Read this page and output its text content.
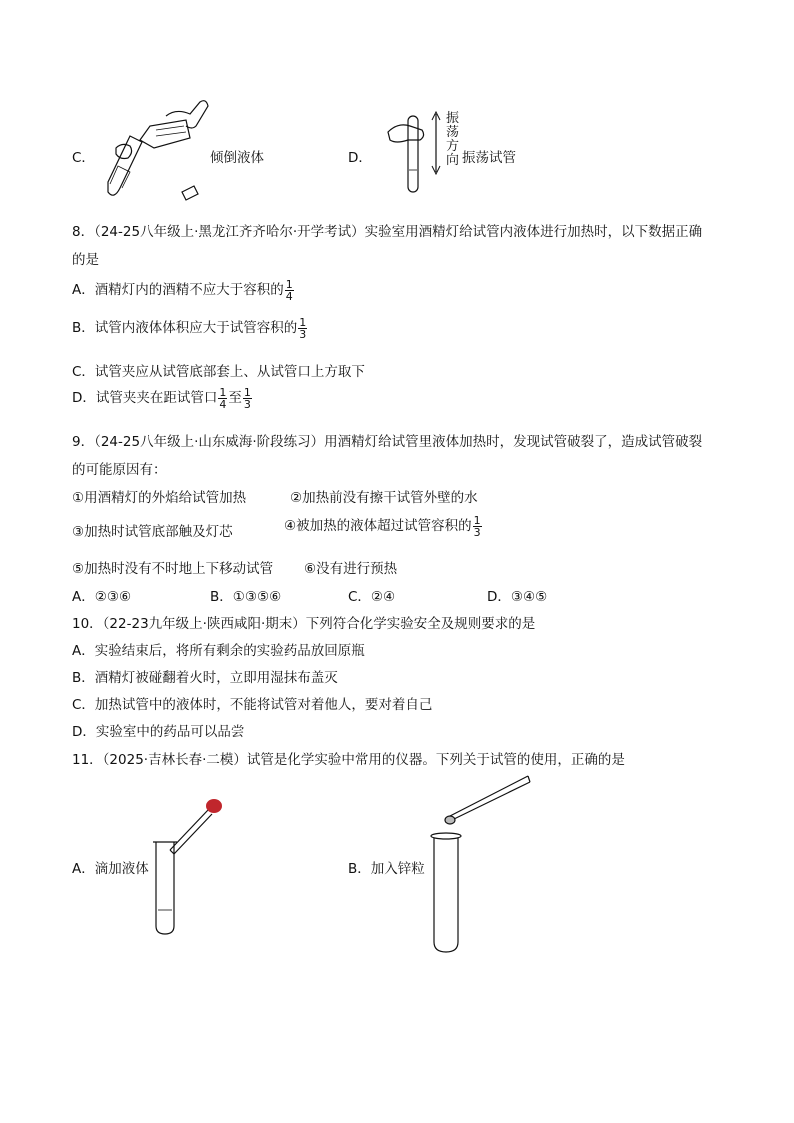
C．	倾倒液体	D．
振
荡
方
向 振荡试管
8．（24-25八年级上·黑龙江齐齐哈尔·开学考试）实验室用酒精灯给试管内液体进行加热时，以下数据正确
的是
A．酒精灯内的酒精不应大于容积的 $\frac{1}{4}$
B．试管内液体体积应大于试管容积的 $\frac{1}{3}$
C．试管夹应从试管底部套上、从试管口上方取下
D．试管夹夹在距试管口 $\frac{1}{4}$ 至 $\frac{1}{3}$
9．（24-25八年级上·山东威海·阶段练习）用酒精灯给试管里液体加热时，发现试管破裂了，造成试管破裂
的可能原因有：
①用酒精灯的外焰给试管加热	②加热前没有擦干试管外壁的水
③加热时试管底部触及灯芯	④被加热的液体超过试管容积的 $\frac{1}{3}$
⑤加热时没有不时地上下移动试管 ⑥没有进行预热
A．②③⑥	B．①③⑤⑥	C．②④	D．③④⑤
10．（22-23九年级上·陕西咸阳·期末）下列符合化学实验安全及规则要求的是
A．实验结束后，将所有剩余的实验药品放回原瓶
B．酒精灯被碰翻着火时，立即用湿抹布盖灭
C．加热试管中的液体时，不能将试管对着他人，要对着自己
D．实验室中的药品可以品尝
11．（2025·吉林长春·二模）试管是化学实验中常用的仪器。下列关于试管的使用，正确的是
A．滴加液体	B．加入锌粒
